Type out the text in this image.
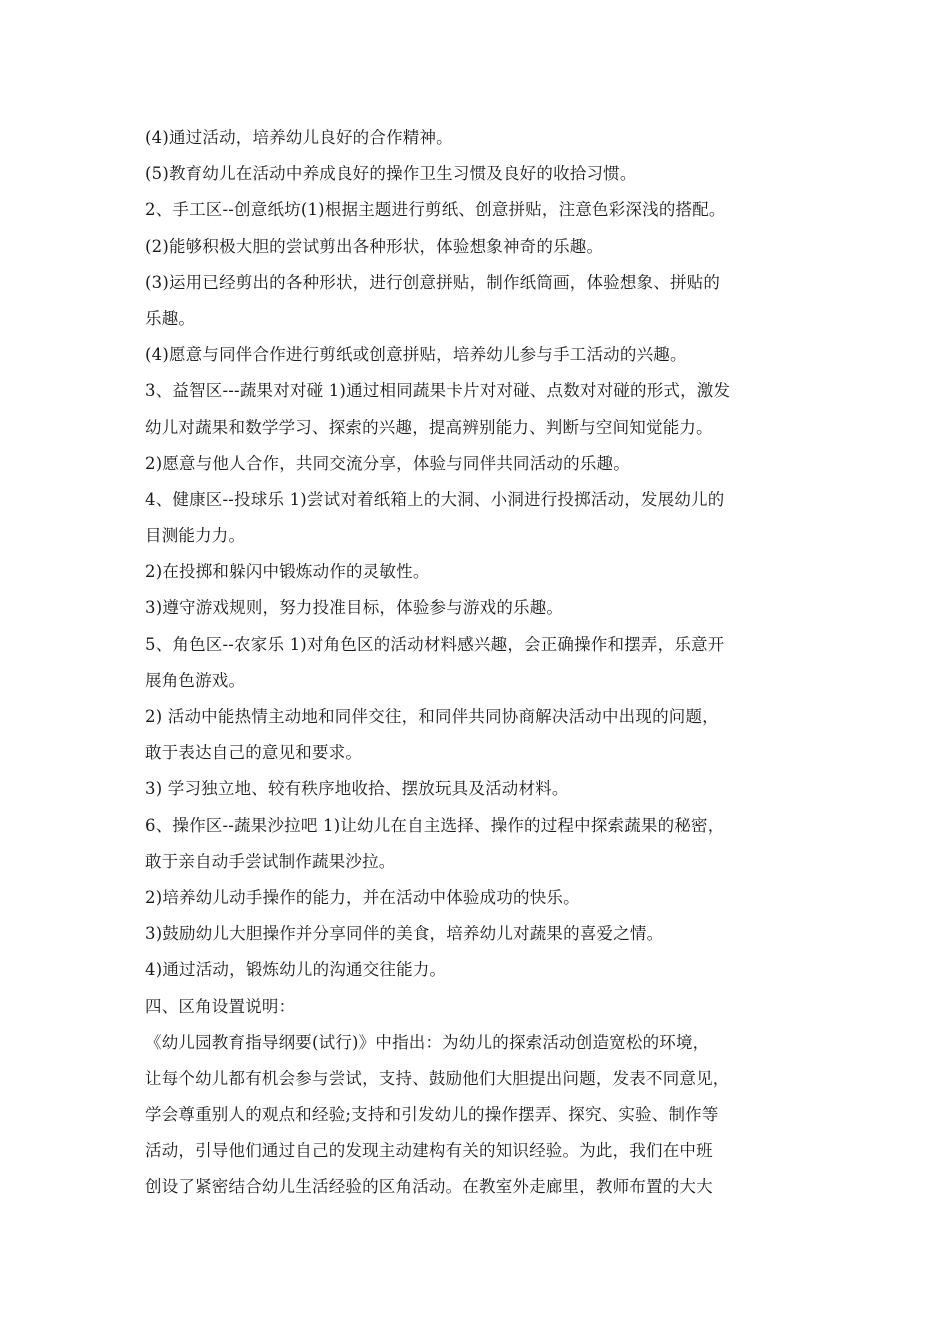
(4)通过活动，培养幼儿良好的合作精神。
(5)教育幼儿在活动中养成良好的操作卫生习惯及良好的收拾习惯。
2、手工区--创意纸坊(1)根据主题进行剪纸、创意拼贴，注意色彩深浅的搭配。
(2)能够积极大胆的尝试剪出各种形状，体验想象神奇的乐趣。
(3)运用已经剪出的各种形状，进行创意拼贴，制作纸筒画，体验想象、拼贴的
乐趣。
(4)愿意与同伴合作进行剪纸或创意拼贴，培养幼儿参与手工活动的兴趣。
3、益智区---蔬果对对碰 1)通过相同蔬果卡片对对碰、点数对对碰的形式，激发
幼儿对蔬果和数学学习、探索的兴趣，提高辨别能力、判断与空间知觉能力。
2)愿意与他人合作，共同交流分享，体验与同伴共同活动的乐趣。
4、健康区--投球乐 1)尝试对着纸箱上的大洞、小洞进行投掷活动，发展幼儿的
目测能力力。
2)在投掷和躲闪中锻炼动作的灵敏性。
3)遵守游戏规则，努力投准目标，体验参与游戏的乐趣。
5、角色区--农家乐 1)对角色区的活动材料感兴趣，会正确操作和摆弄，乐意开
展角色游戏。
2) 活动中能热情主动地和同伴交往，和同伴共同协商解决活动中出现的问题，
敢于表达自己的意见和要求。
3) 学习独立地、较有秩序地收拾、摆放玩具及活动材料。
6、操作区--蔬果沙拉吧 1)让幼儿在自主选择、操作的过程中探索蔬果的秘密，
敢于亲自动手尝试制作蔬果沙拉。
2)培养幼儿动手操作的能力，并在活动中体验成功的快乐。
3)鼓励幼儿大胆操作并分享同伴的美食，培养幼儿对蔬果的喜爱之情。
4)通过活动，锻炼幼儿的沟通交往能力。
四、区角设置说明：
《幼儿园教育指导纲要(试行)》中指出：为幼儿的探索活动创造宽松的环境，
让每个幼儿都有机会参与尝试，支持、鼓励他们大胆提出问题，发表不同意见，
学会尊重别人的观点和经验;支持和引发幼儿的操作摆弄、探究、实验、制作等
活动，引导他们通过自己的发现主动建构有关的知识经验。为此，我们在中班
创设了紧密结合幼儿生活经验的区角活动。在教室外走廊里，教师布置的大大
